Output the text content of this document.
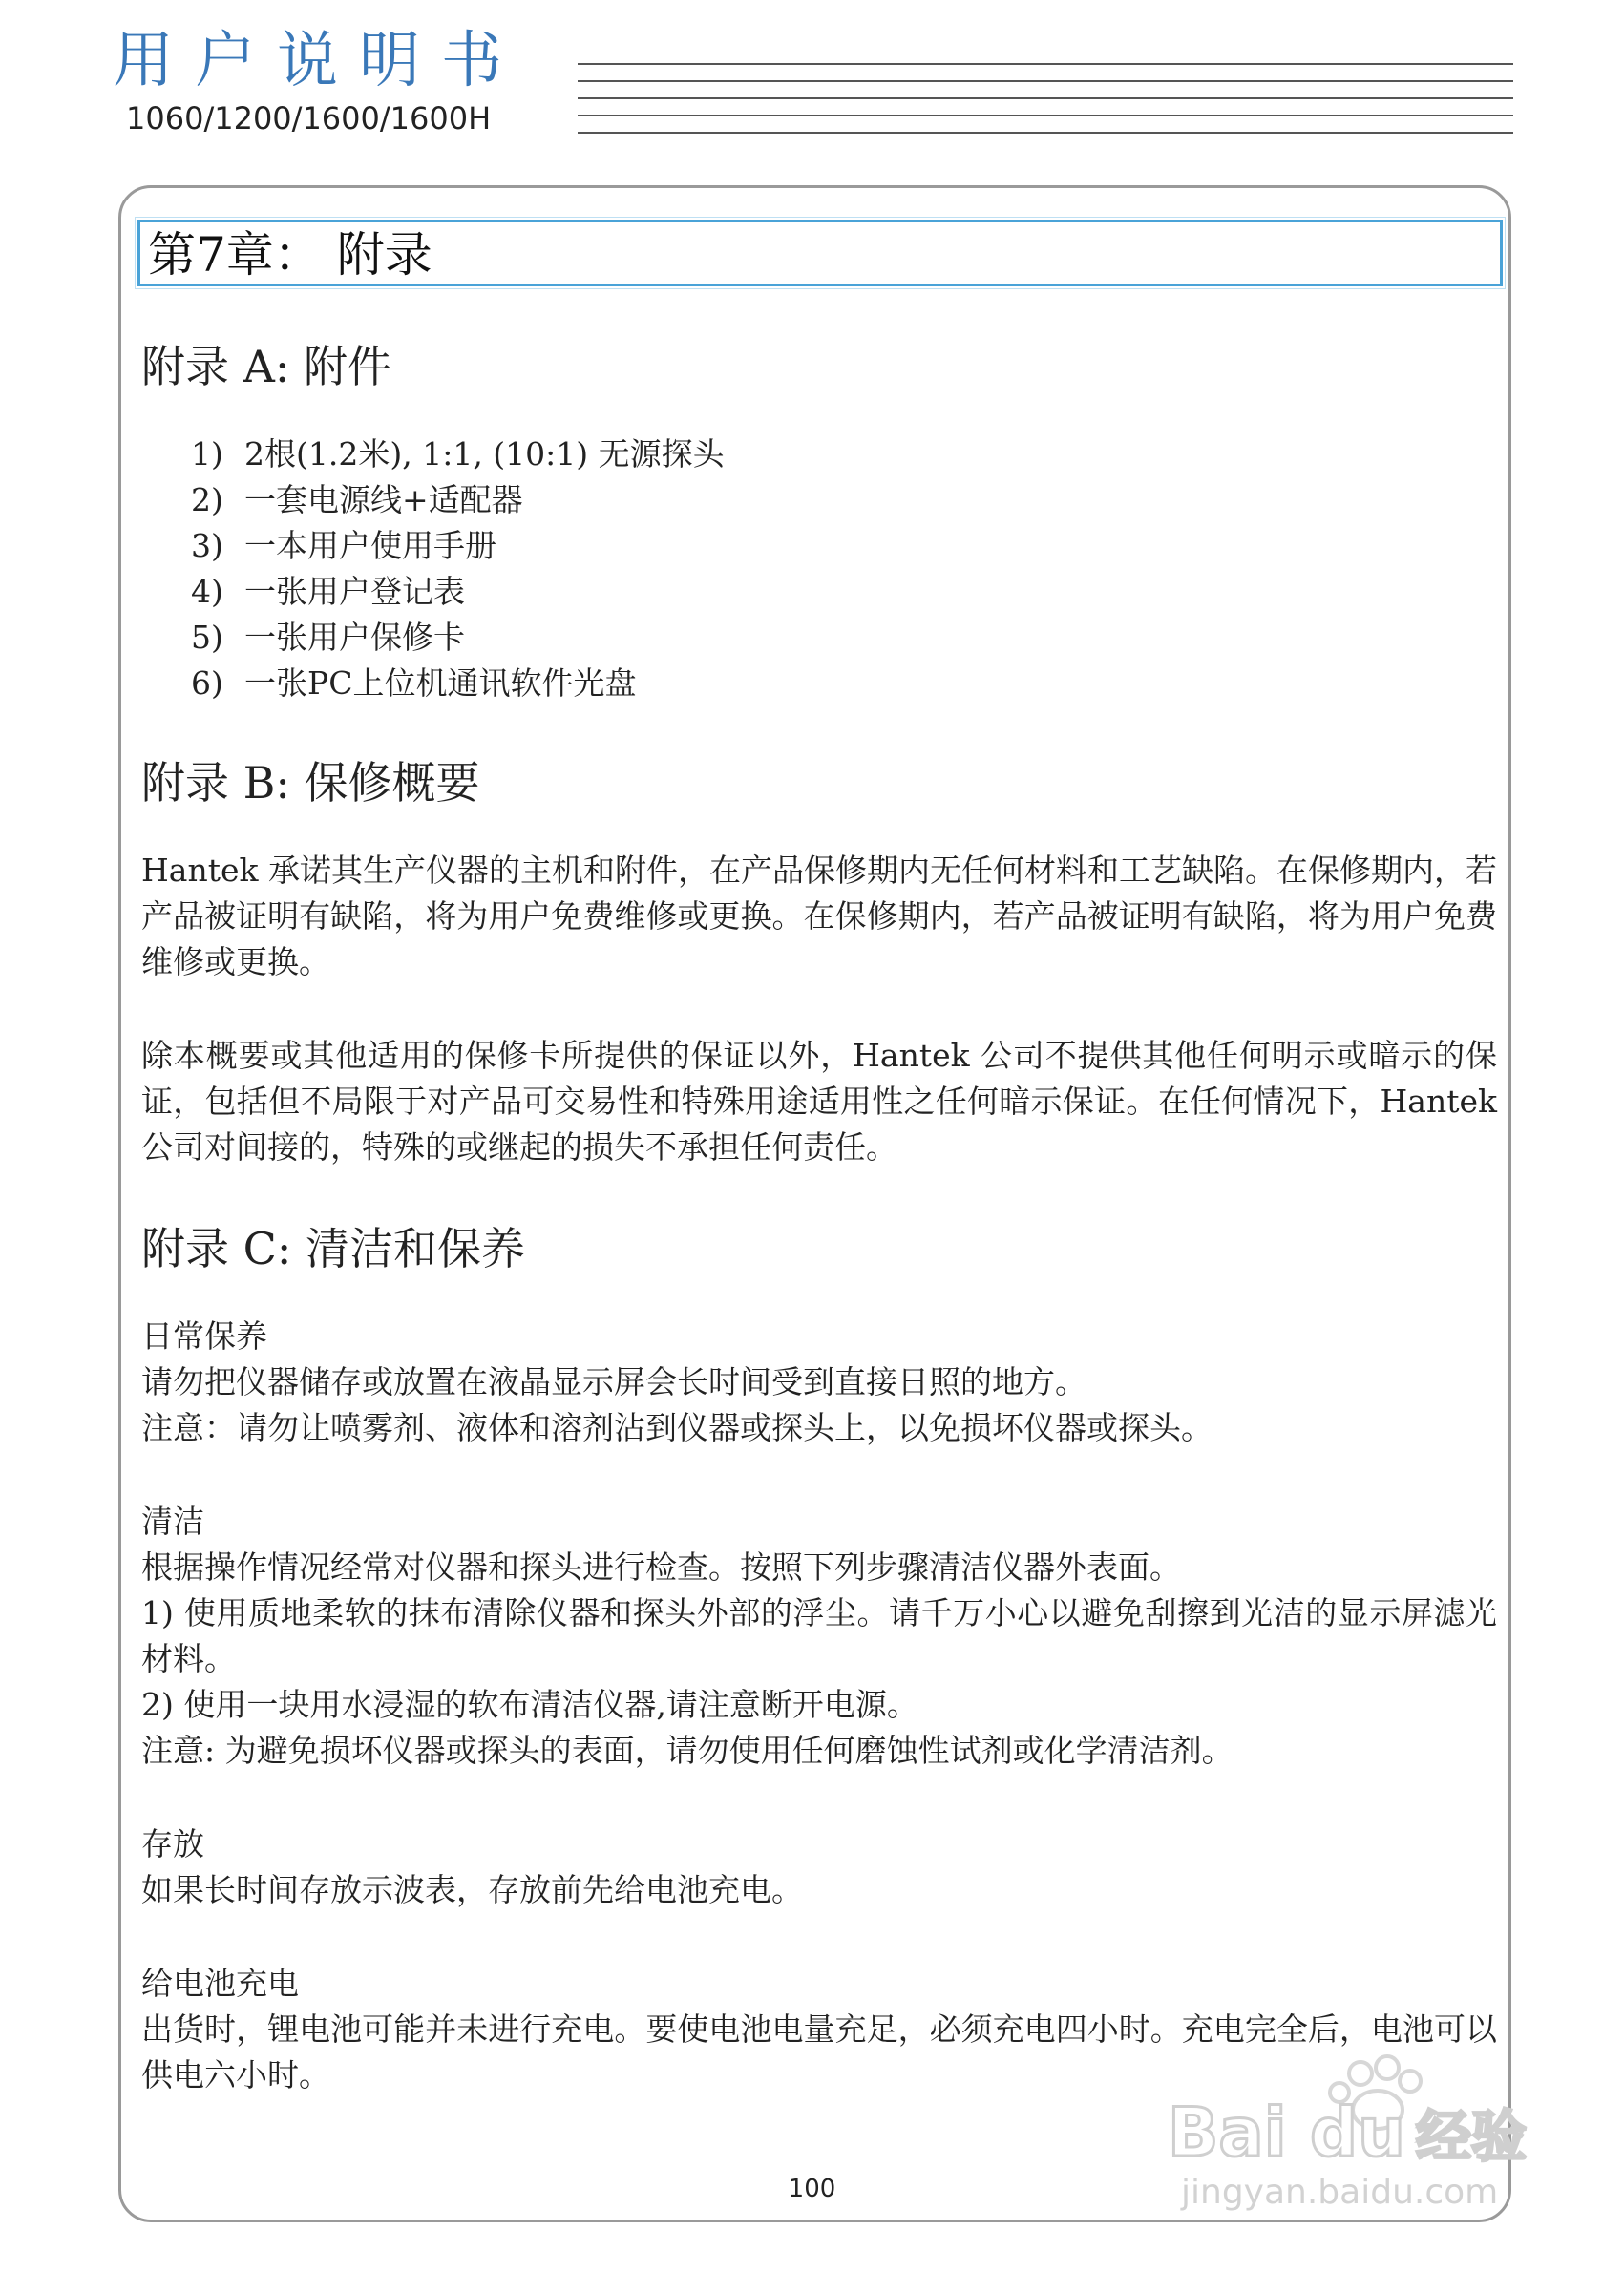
用户说明书
1060/1200/1600/1600H
第7章： 附录
附录 A: 附件
1) 2根(1.2米), 1:1, (10:1) 无源探头
2) 一套电源线+适配器
3) 一本用户使用手册
4) 一张用户登记表
5) 一张用户保修卡
6) 一张PC上位机通讯软件光盘
附录 B: 保修概要

Hantek 承诺其生产仪器的主机和附件，在产品保修期内无任何材料和工艺缺陷。在保修期内，若产品被证明有缺陷，将为用户免费维修或更换。在保修期内，若产品被证明有缺陷，将为用户免费维修或更换。

除本概要或其他适用的保修卡所提供的保证以外，Hantek 公司不提供其他任何明示或暗示的保证，包括但不局限于对产品可交易性和特殊用途适用性之任何暗示保证。在任何情况下，Hantek公司对间接的，特殊的或继起的损失不承担任何责任。

附录 C: 清洁和保养

日常保养

请勿把仪器储存或放置在液晶显示屏会长时间受到直接日照的地方。

注意：请勿让喷雾剂、液体和溶剂沾到仪器或探头上，以免损坏仪器或探头。

清洁

根据操作情况经常对仪器和探头进行检查。按照下列步骤清洁仪器外表面。

1) 使用质地柔软的抹布清除仪器和探头外部的浮尘。请千万小心以避免刮擦到光洁的显示屏滤光材料。

2) 使用一块用水浸湿的软布清洁仪器,请注意断开电源。

注意: 为避免损坏仪器或探头的表面，请勿使用任何磨蚀性试剂或化学清洁剂。

存放

如果长时间存放示波表，存放前先给电池充电。

给电池充电

出货时，锂电池可能并未进行充电。要使电池电量充足，必须充电四小时。充电完全后，电池可以供电六小时。

100
Bai du 经验
jingyan.baidu.com
